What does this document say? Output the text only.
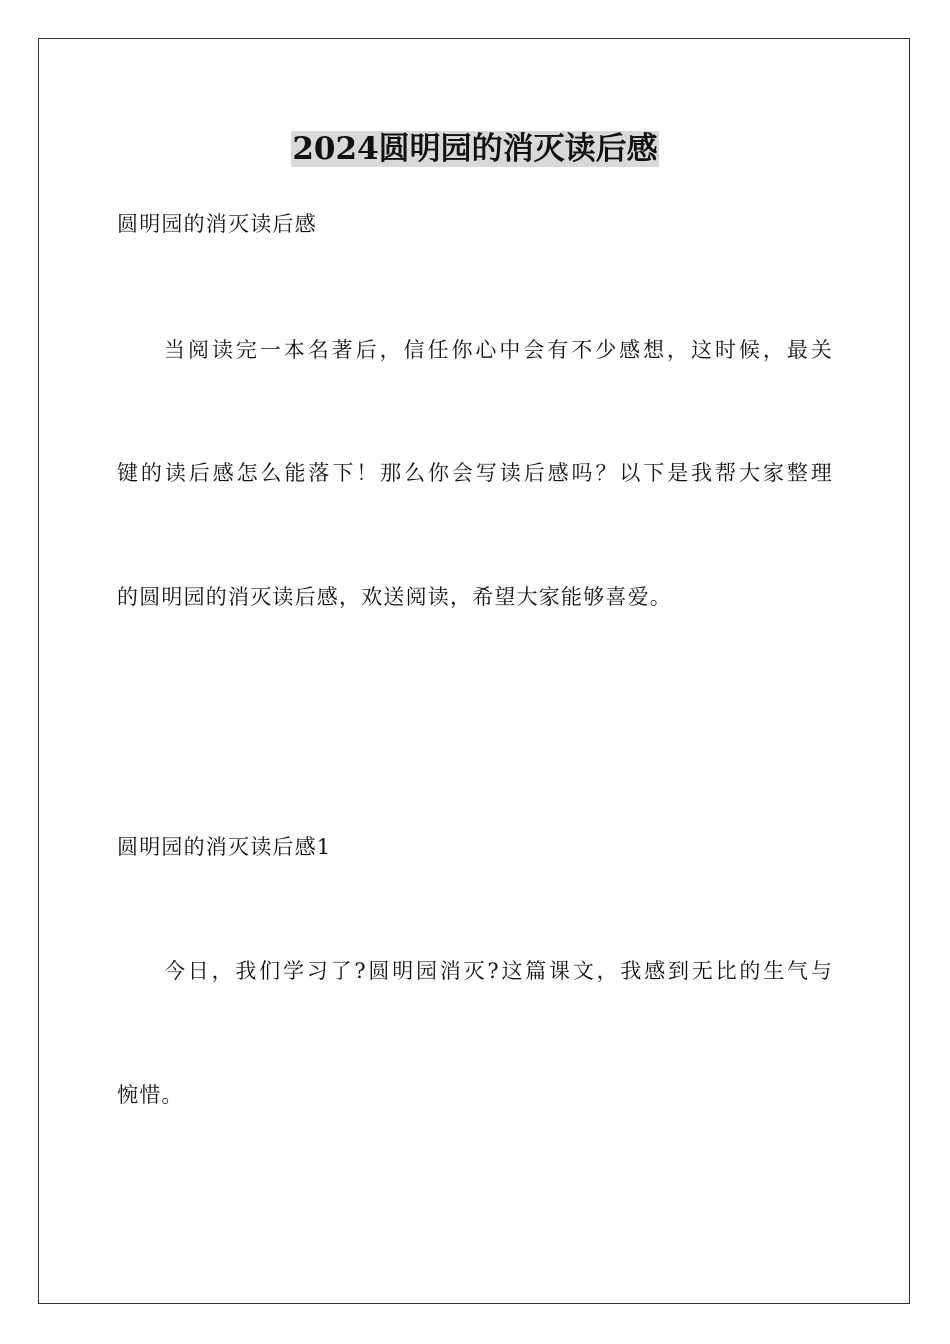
2024圆明园的消灭读后感
圆明园的消灭读后感
当阅读完一本名著后，信任你心中会有不少感想，这时候，最关
键的读后感怎么能落下！那么你会写读后感吗？以下是我帮大家整理
的圆明园的消灭读后感，欢送阅读，希望大家能够喜爱。
圆明园的消灭读后感1
今日，我们学习了?圆明园消灭?这篇课文，我感到无比的生气与
惋惜。
